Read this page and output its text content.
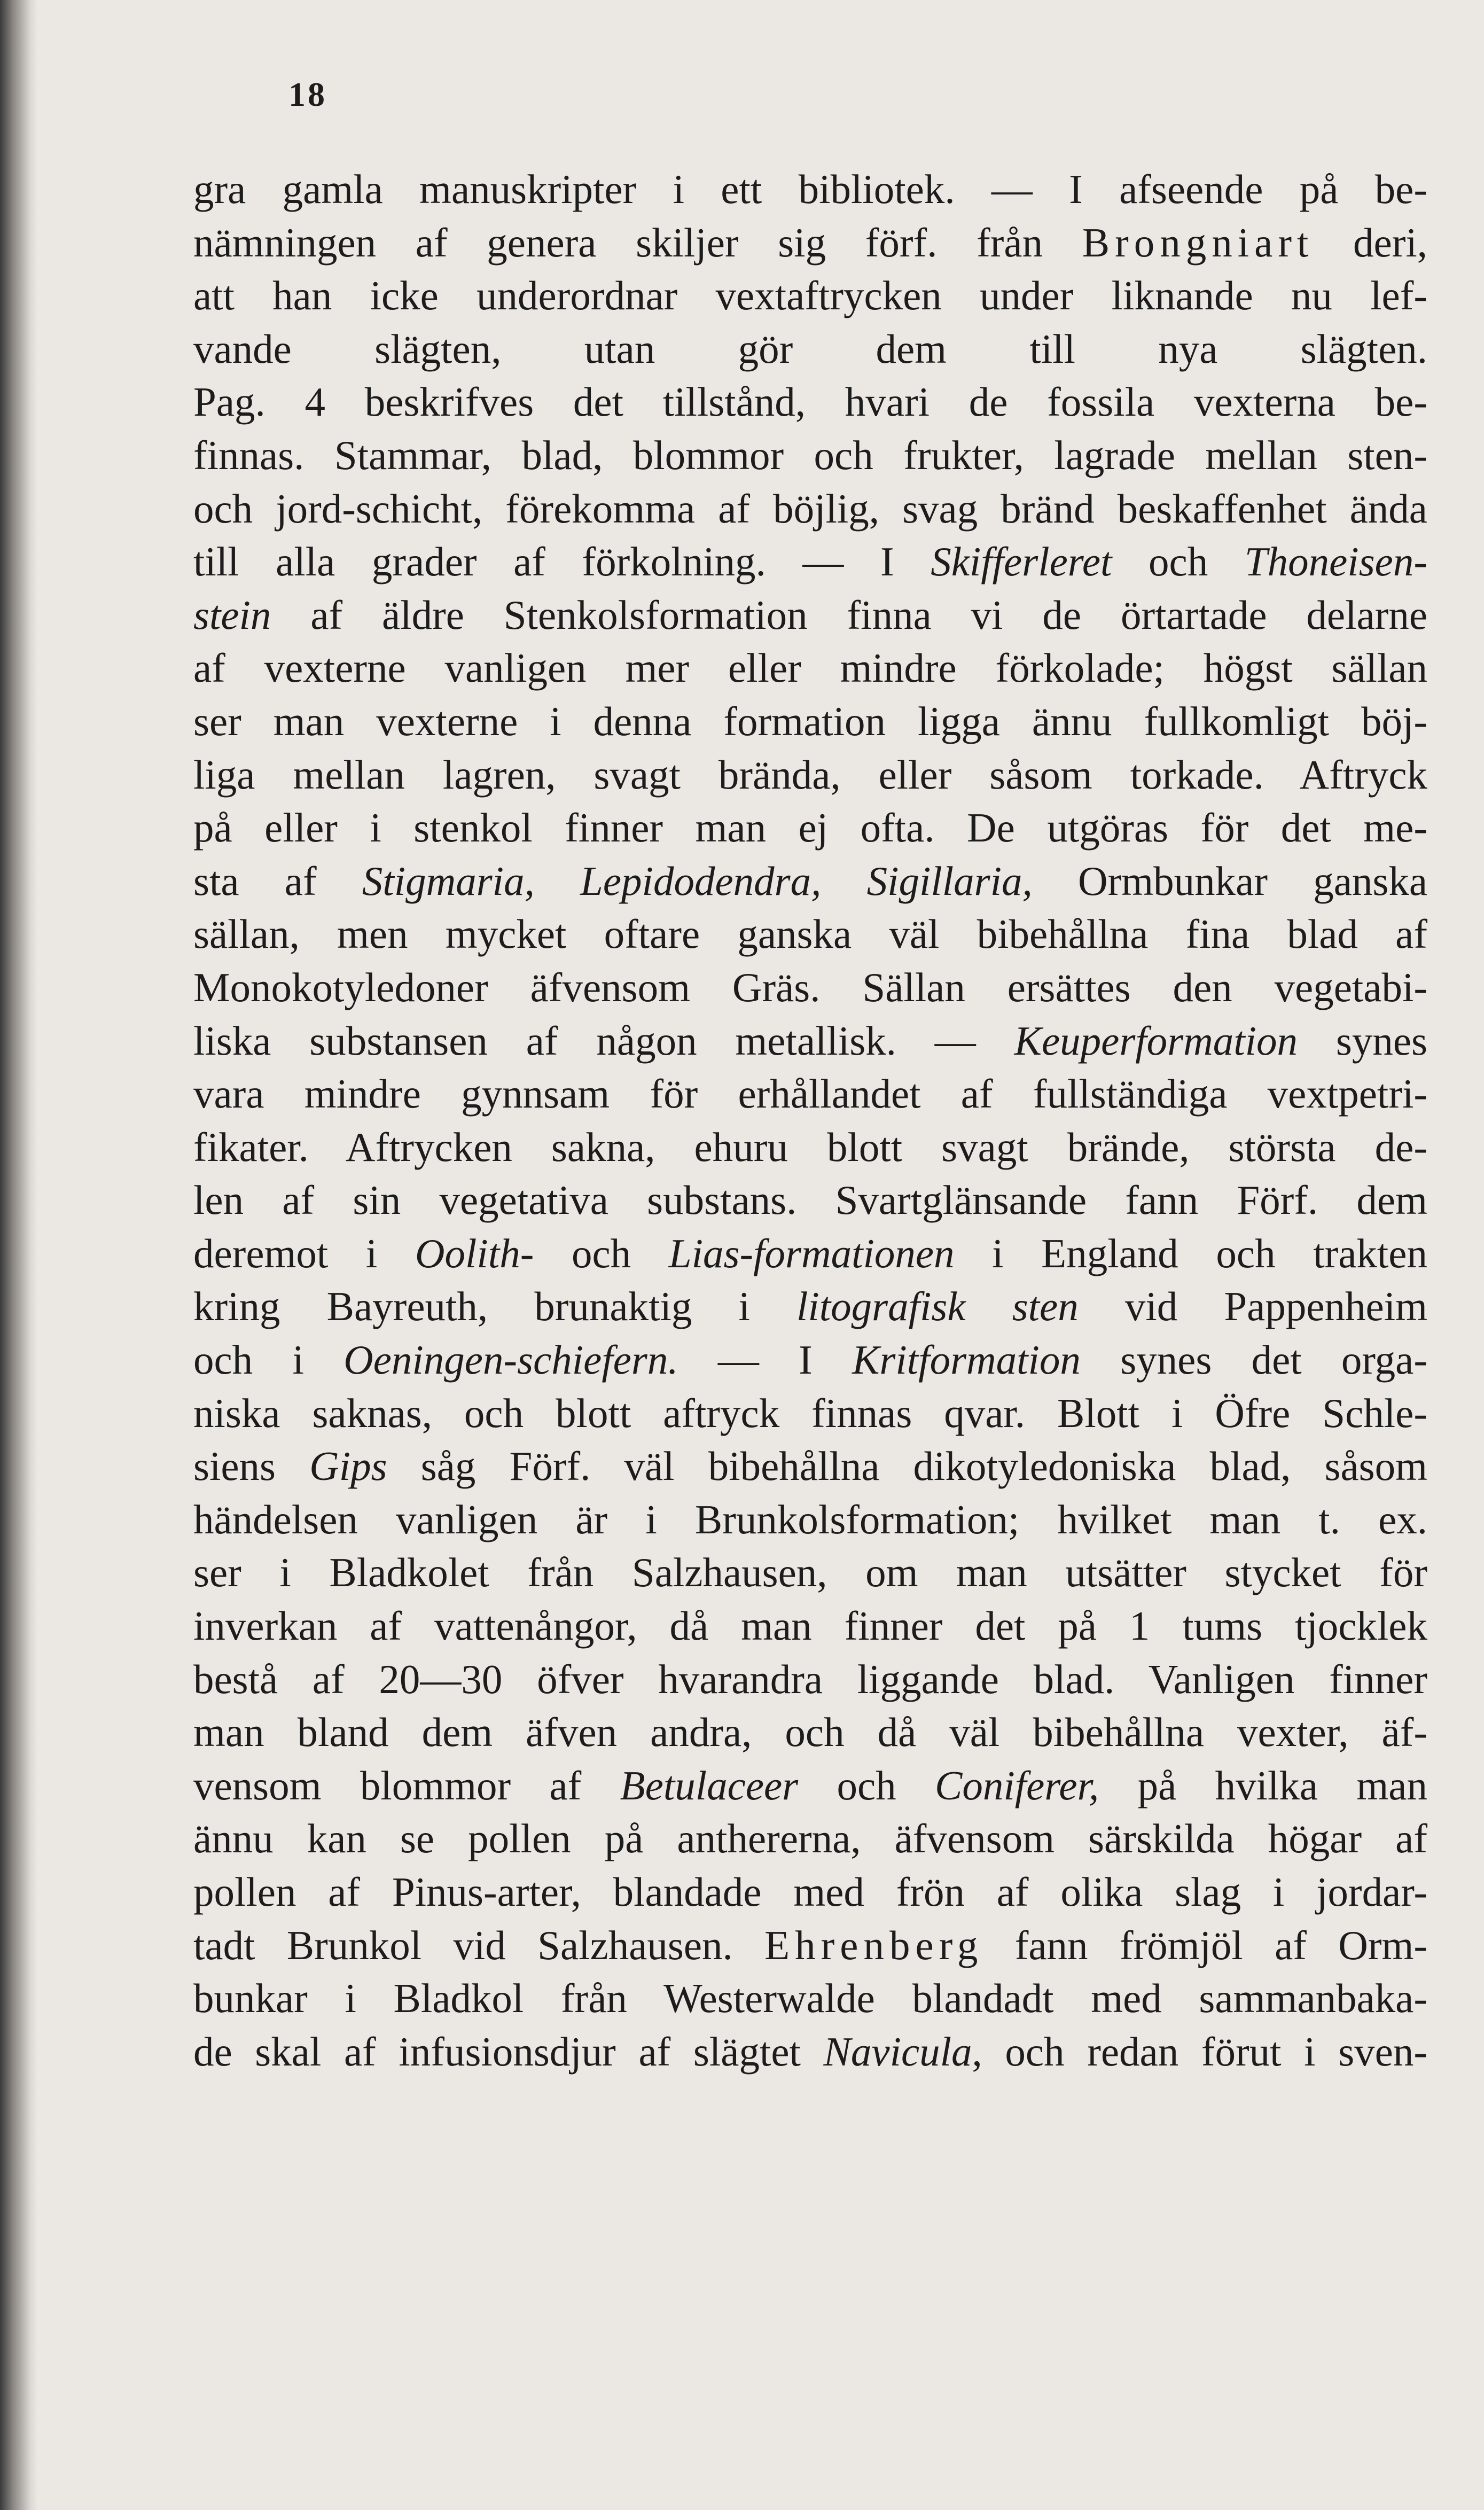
18
gra gamla manuskripter i ett bibliotek. — I afseende på be-
nämningen af genera skiljer sig förf. från Brongniart deri,
att han icke underordnar vextaftrycken under liknande nu lef-
vande slägten, utan gör dem till nya slägten.
Pag. 4 beskrifves det tillstånd, hvari de fossila vexterna be-
finnas. Stammar, blad, blommor och frukter, lagrade mellan sten-
och jord-schicht, förekomma af böjlig, svag bränd beskaffenhet ända
till alla grader af förkolning. — I Skifferleret och Thoneisen-
stein af äldre Stenkolsformation finna vi de örtartade delarne
af vexterne vanligen mer eller mindre förkolade; högst sällan
ser man vexterne i denna formation ligga ännu fullkomligt böj-
liga mellan lagren, svagt brända, eller såsom torkade. Aftryck
på eller i stenkol finner man ej ofta. De utgöras för det me-
sta af Stigmaria, Lepidodendra, Sigillaria, Ormbunkar ganska
sällan, men mycket oftare ganska väl bibehållna fina blad af
Monokotyledoner äfvensom Gräs. Sällan ersättes den vegetabi-
liska substansen af någon metallisk. — Keuperformation synes
vara mindre gynnsam för erhållandet af fullständiga vextpetri-
fikater. Aftrycken sakna, ehuru blott svagt brände, största de-
len af sin vegetativa substans. Svartglänsande fann Förf. dem
deremot i Oolith- och Lias-formationen i England och trakten
kring Bayreuth, brunaktig i litografisk sten vid Pappenheim
och i Oeningen-schiefern. — I Kritformation synes det orga-
niska saknas, och blott aftryck finnas qvar. Blott i Öfre Schle-
siens Gips såg Förf. väl bibehållna dikotyledoniska blad, såsom
händelsen vanligen är i Brunkolsformation; hvilket man t. ex.
ser i Bladkolet från Salzhausen, om man utsätter stycket för
inverkan af vattenångor, då man finner det på 1 tums tjocklek
bestå af 20—30 öfver hvarandra liggande blad. Vanligen finner
man bland dem äfven andra, och då väl bibehållna vexter, äf-
vensom blommor af Betulaceer och Coniferer, på hvilka man
ännu kan se pollen på anthererna, äfvensom särskilda högar af
pollen af Pinus-arter, blandade med frön af olika slag i jordar-
tadt Brunkol vid Salzhausen. Ehrenberg fann frömjöl af Orm-
bunkar i Bladkol från Westerwalde blandadt med sammanbaka-
de skal af infusionsdjur af slägtet Navicula, och redan förut i sven-
